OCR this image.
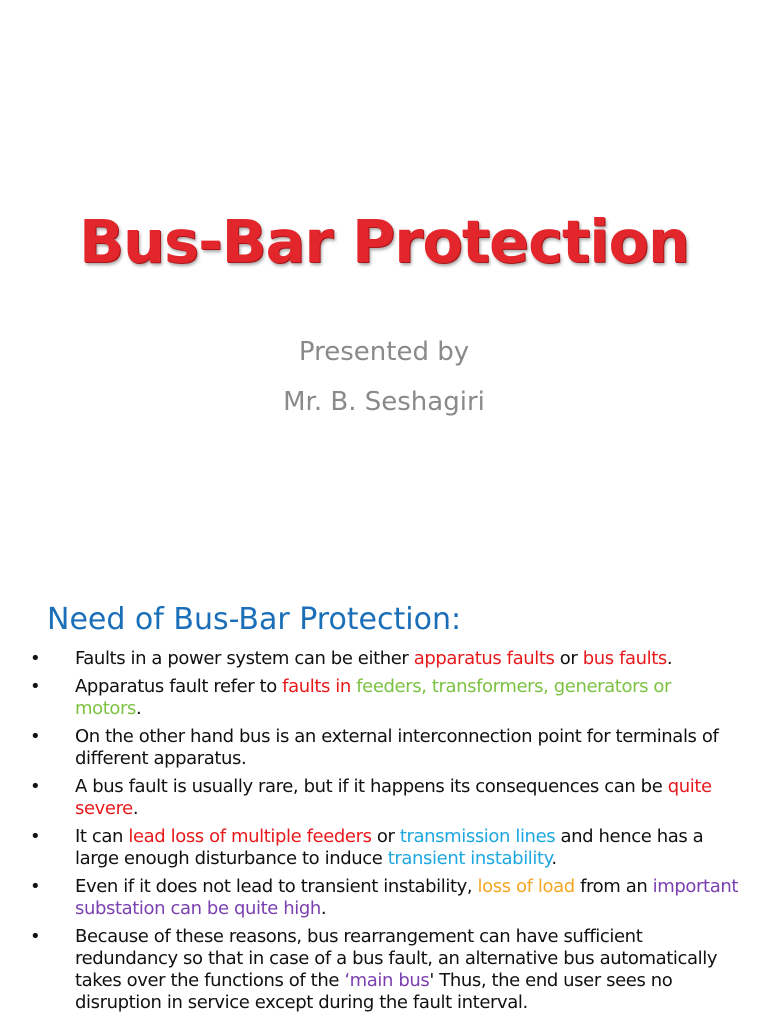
Bus-Bar Protection

Presented by

Mr. B. Seshagiri

Need of Bus-Bar Protection:
• Faults in a power system can be either apparatus faults or bus faults.
• Apparatus fault refer to faults in feeders, transformers, generators or motors.
• On the other hand bus is an external interconnection point for terminals of different apparatus.
• A bus fault is usually rare, but if it happens its consequences can be quite severe.
• It can lead loss of multiple feeders or transmission lines and hence has a large enough disturbance to induce transient instability.
• Even if it does not lead to transient instability, loss of load from an important substation can be quite high.
• Because of these reasons, bus rearrangement can have sufficient redundancy so that in case of a bus fault, an alternative bus automatically takes over the functions of the ‘main bus' Thus, the end user sees no disruption in service except during the fault interval.
